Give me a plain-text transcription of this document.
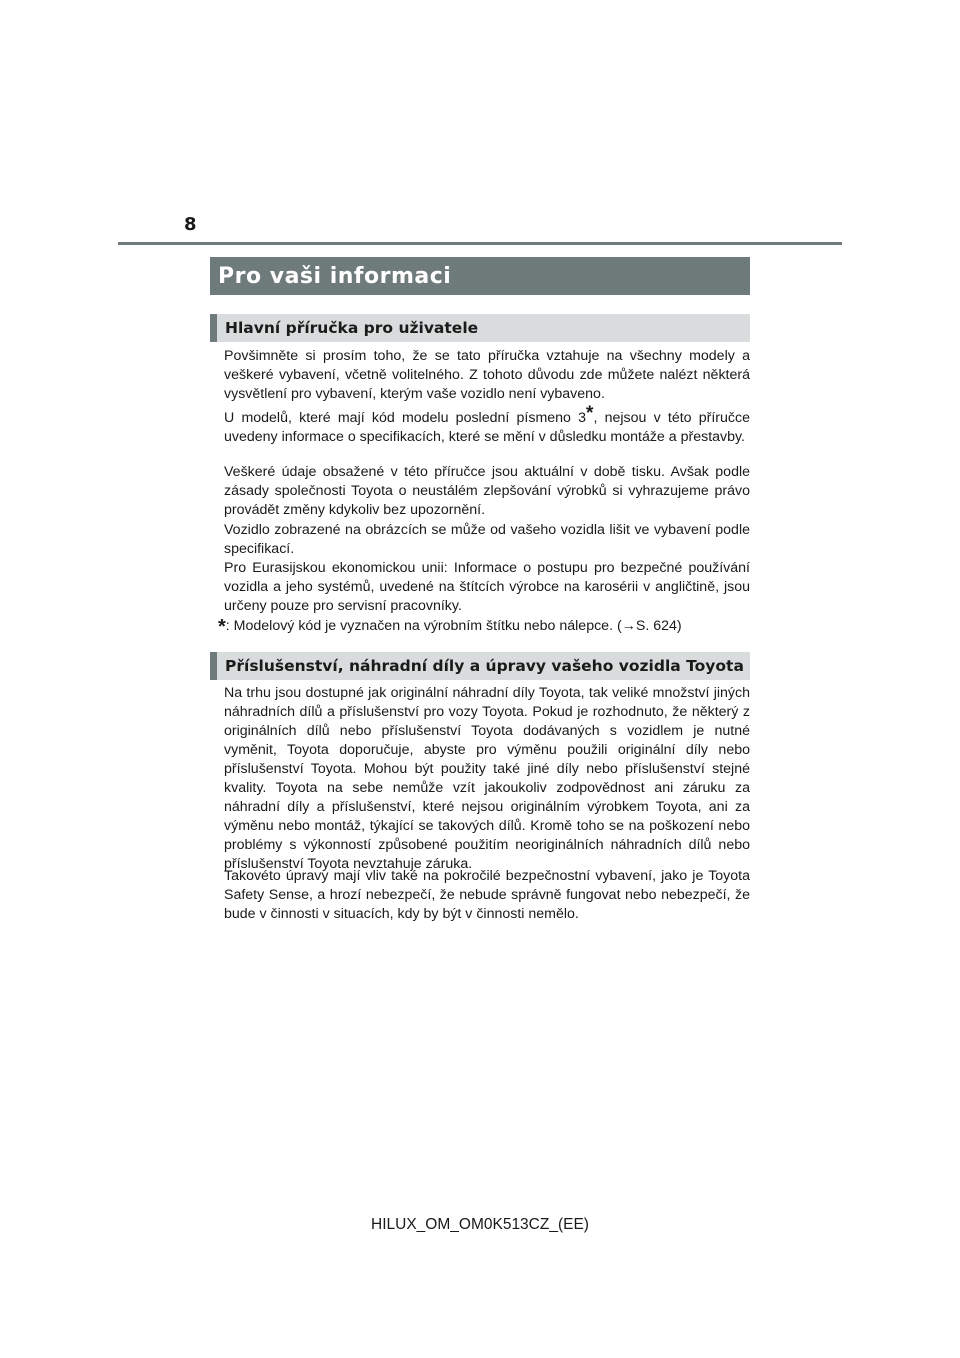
8
Pro vaši informaci
Hlavní příručka pro uživatele

Povšimněte si prosím toho, že se tato příručka vztahuje na všechny modely a veškeré vybavení, včetně volitelného. Z tohoto důvodu zde můžete nalézt některá vysvětlení pro vybavení, kterým vaše vozidlo není vybaveno.

U modelů, které mají kód modelu poslední písmeno 3*, nejsou v této příručce uvedeny informace o specifikacích, které se mění v důsledku montáže a přestavby.

Veškeré údaje obsažené v této příručce jsou aktuální v době tisku. Avšak podle zásady společnosti Toyota o neustálém zlepšování výrobků si vyhrazujeme právo provádět změny kdykoliv bez upozornění.

Vozidlo zobrazené na obrázcích se může od vašeho vozidla lišit ve vybavení podle specifikací.

Pro Eurasijskou ekonomickou unii: Informace o postupu pro bezpečné používání vozidla a jeho systémů, uvedené na štítcích výrobce na karosérii v angličtině, jsou určeny pouze pro servisní pracovníky.

*: Modelový kód je vyznačen na výrobním štítku nebo nálepce. (→S. 624)

Příslušenství, náhradní díly a úpravy vašeho vozidla Toyota

Na trhu jsou dostupné jak originální náhradní díly Toyota, tak veliké množství jiných náhradních dílů a příslušenství pro vozy Toyota. Pokud je rozhodnuto, že některý z originálních dílů nebo příslušenství Toyota dodávaných s vozidlem je nutné vyměnit, Toyota doporučuje, abyste pro výměnu použili originální díly nebo příslušenství Toyota. Mohou být použity také jiné díly nebo příslušenství stejné kvality. Toyota na sebe nemůže vzít jakoukoliv zodpovědnost ani záruku za náhradní díly a příslušenství, které nejsou originálním výrobkem Toyota, ani za výměnu nebo montáž, týkající se takových dílů. Kromě toho se na poškození nebo problémy s výkonností způsobené použitím neoriginálních náhradních dílů nebo příslušenství Toyota nevztahuje záruka.

Takovéto úpravy mají vliv také na pokročilé bezpečnostní vybavení, jako je Toyota Safety Sense, a hrozí nebezpečí, že nebude správně fungovat nebo nebezpečí, že bude v činnosti v situacích, kdy by být v činnosti nemělo.

HILUX_OM_OM0K513CZ_(EE)
